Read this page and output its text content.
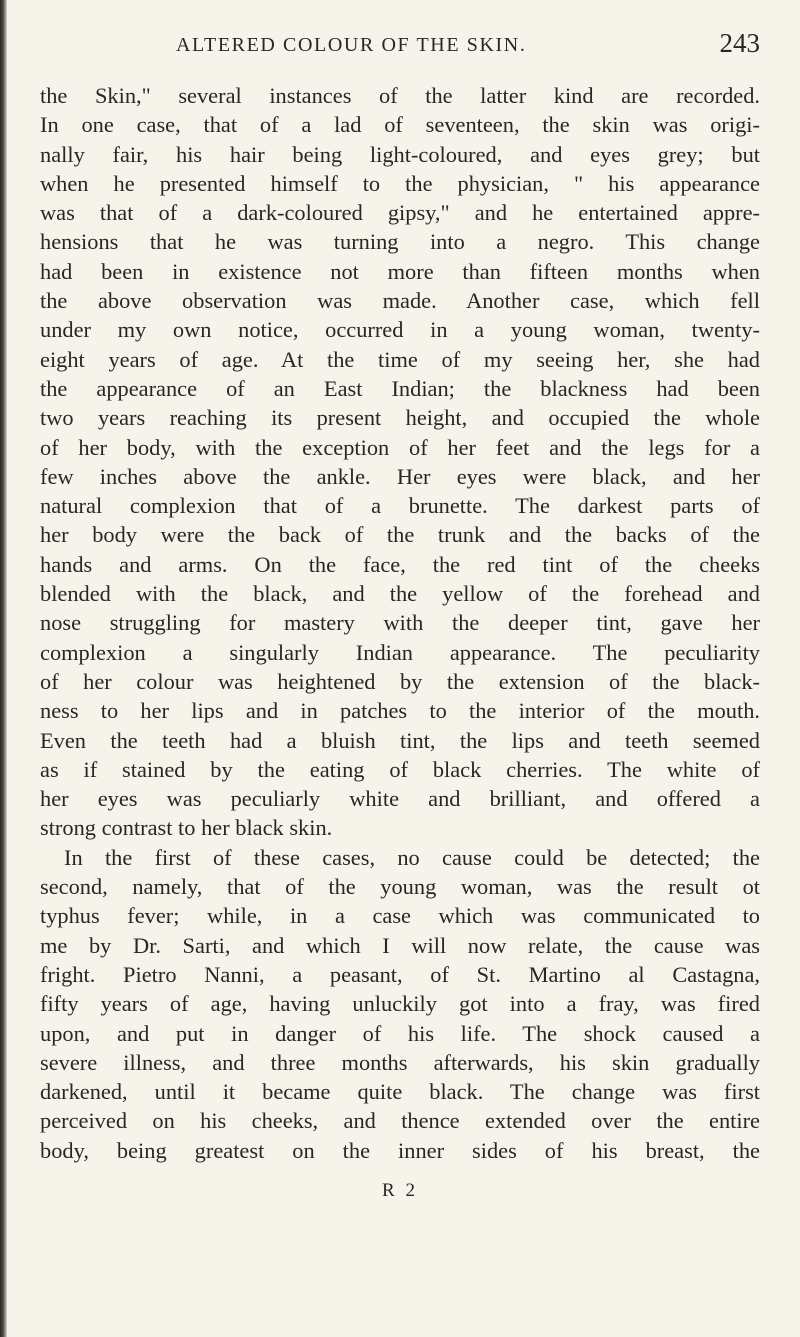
ALTERED COLOUR OF THE SKIN.	243
the Skin," several instances of the latter kind are recorded.
In one case, that of a lad of seventeen, the skin was origi-
nally fair, his hair being light-coloured, and eyes grey; but
when he presented himself to the physician, " his appearance
was that of a dark-coloured gipsy," and he entertained appre-
hensions that he was turning into a negro. This change
had been in existence not more than fifteen months when
the above observation was made. Another case, which fell
under my own notice, occurred in a young woman, twenty-
eight years of age. At the time of my seeing her, she had
the appearance of an East Indian; the blackness had been
two years reaching its present height, and occupied the whole
of her body, with the exception of her feet and the legs for a
few inches above the ankle. Her eyes were black, and her
natural complexion that of a brunette. The darkest parts of
her body were the back of the trunk and the backs of the
hands and arms. On the face, the red tint of the cheeks
blended with the black, and the yellow of the forehead and
nose struggling for mastery with the deeper tint, gave her
complexion a singularly Indian appearance. The peculiarity
of her colour was heightened by the extension of the black-
ness to her lips and in patches to the interior of the mouth.
Even the teeth had a bluish tint, the lips and teeth seemed
as if stained by the eating of black cherries. The white of
her eyes was peculiarly white and brilliant, and offered a
strong contrast to her black skin.
In the first of these cases, no cause could be detected; the
second, namely, that of the young woman, was the result ot
typhus fever; while, in a case which was communicated to
me by Dr. Sarti, and which I will now relate, the cause was
fright. Pietro Nanni, a peasant, of St. Martino al Castagna,
fifty years of age, having unluckily got into a fray, was fired
upon, and put in danger of his life. The shock caused a
severe illness, and three months afterwards, his skin gradually
darkened, until it became quite black. The change was first
perceived on his cheeks, and thence extended over the entire
body, being greatest on the inner sides of his breast, the
R 2
